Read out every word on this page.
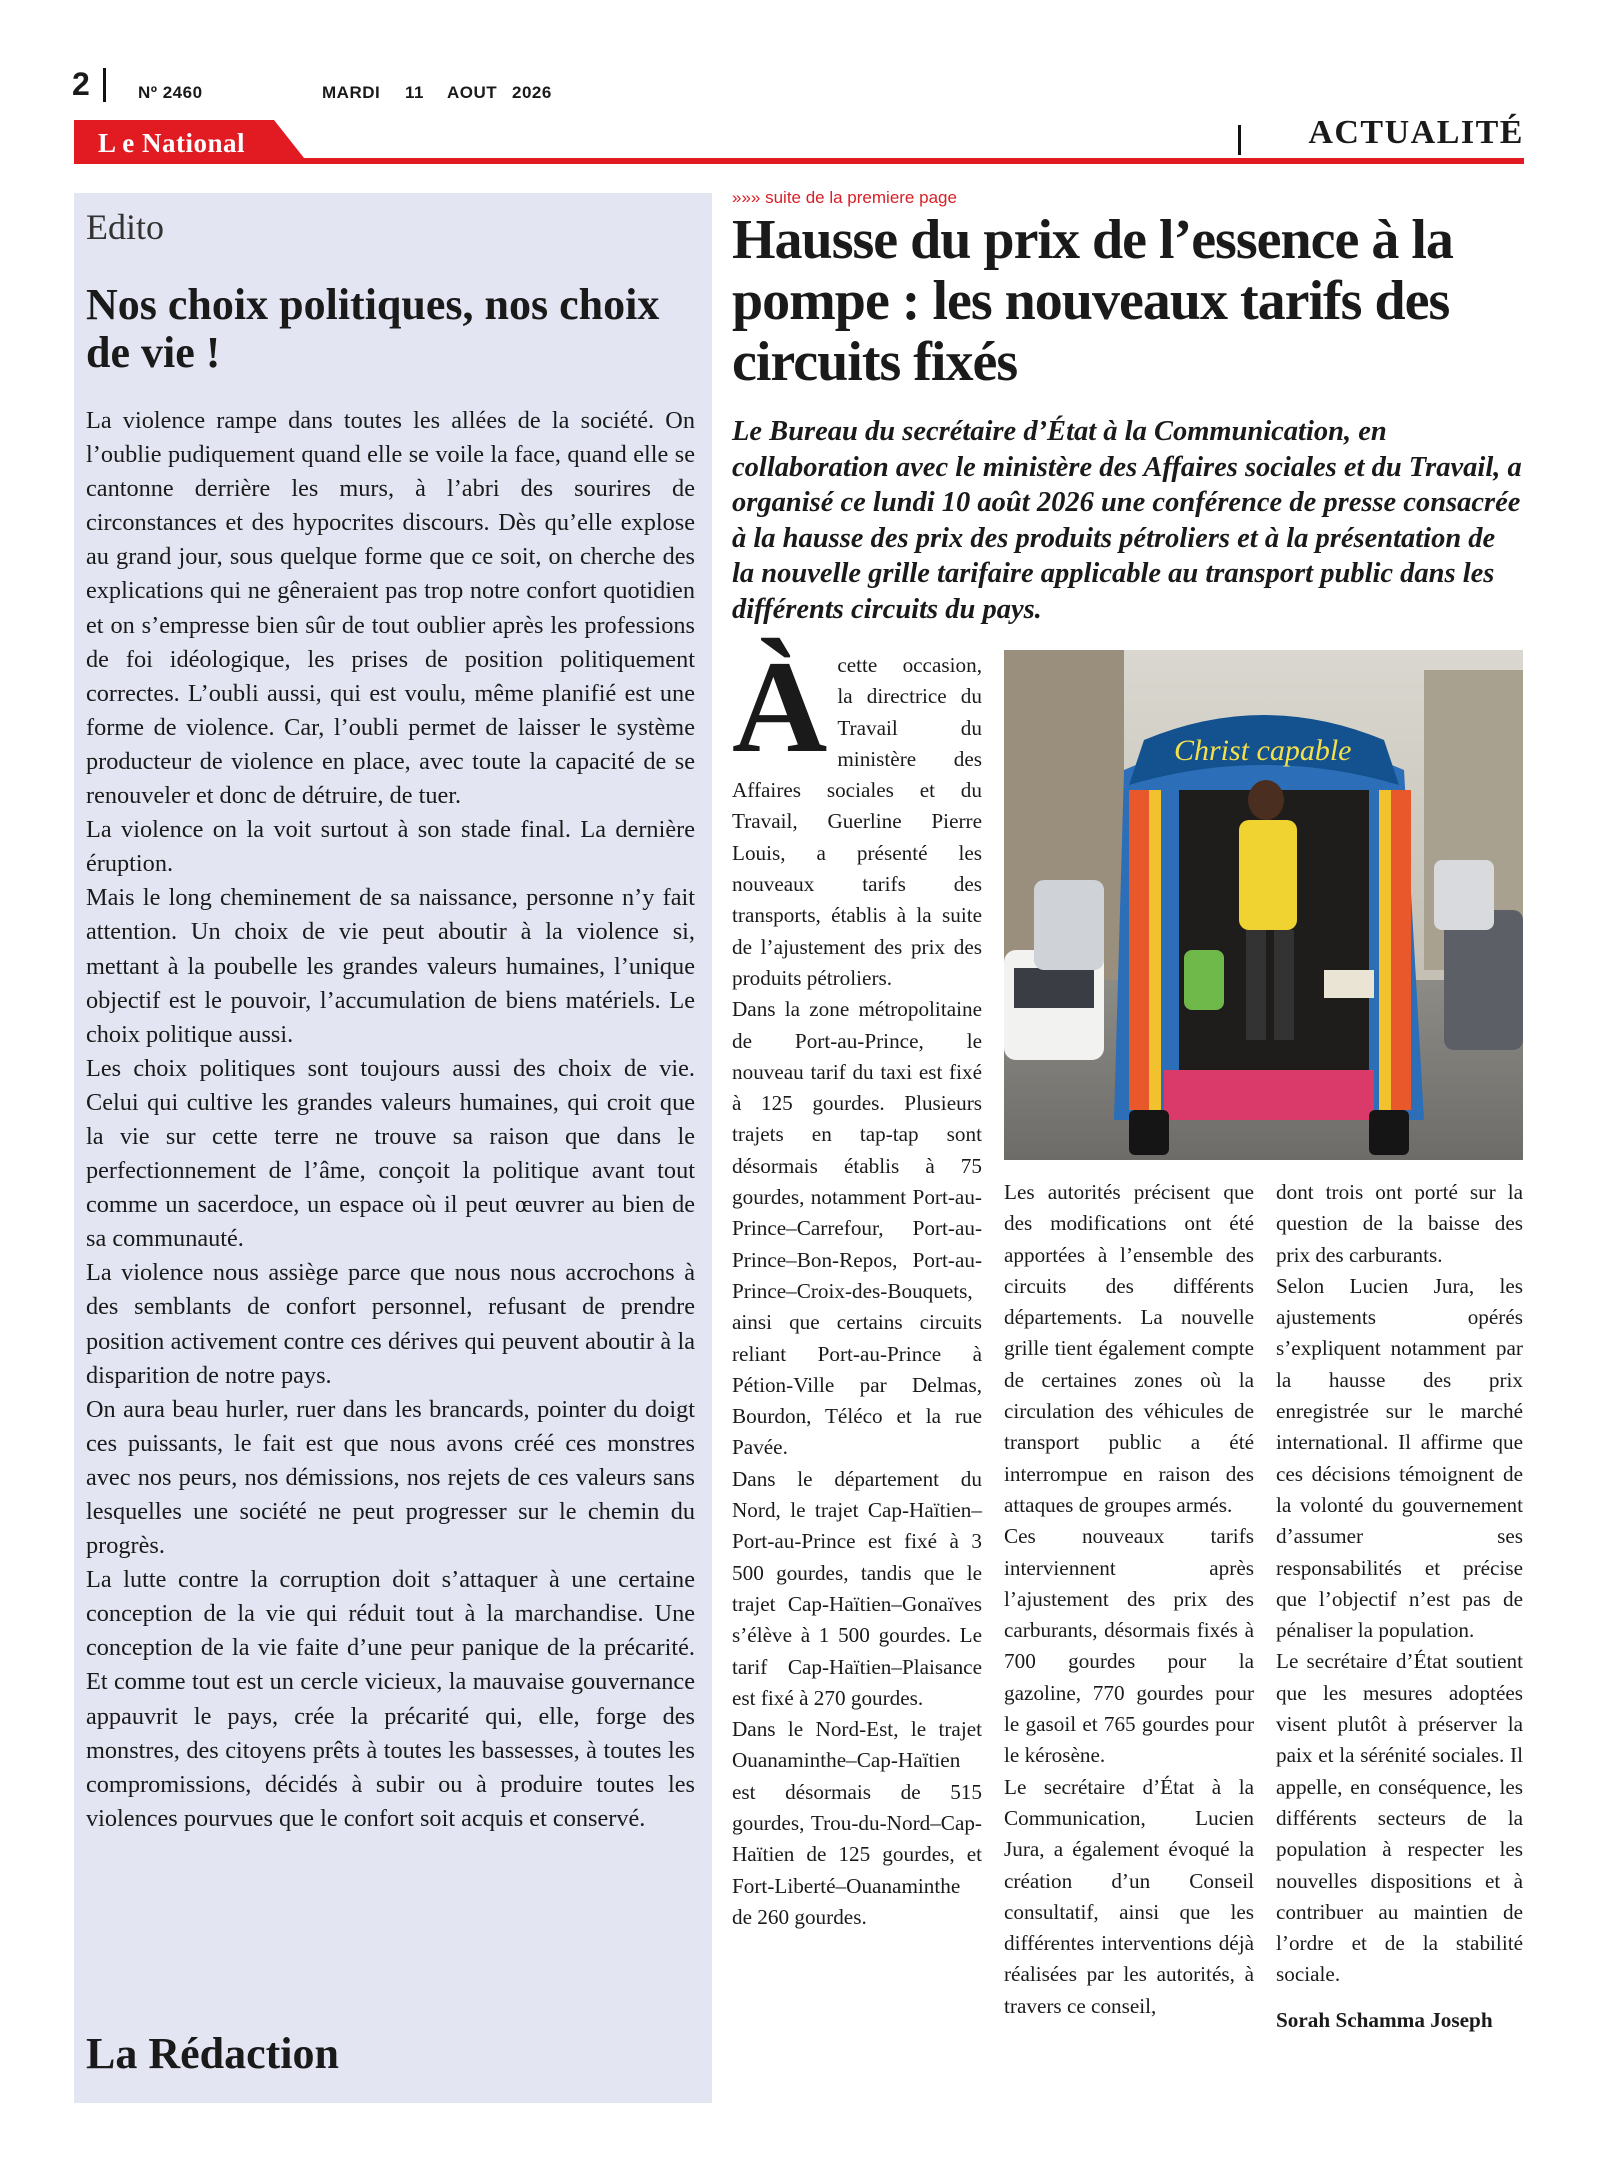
2	Nº 2460	MARDI 11 AOUT 2026
L e National	ACTUALITÉ
Edito
Nos choix politiques, nos choix de vie !

La violence rampe dans toutes les allées de la société. On l’oublie pudiquement quand elle se voile la face, quand elle se cantonne derrière les murs, à l’abri des sourires de circonstances et des hypocrites discours. Dès qu’elle explose au grand jour, sous quelque forme que ce soit, on cherche des explications qui ne gêneraient pas trop notre confort quotidien et on s’empresse bien sûr de tout oublier après les professions de foi idéologique, les prises de position politiquement correctes. L’oubli aussi, qui est voulu, même planifié est une forme de violence. Car, l’oubli permet de laisser le système producteur de violence en place, avec toute la capacité de se renouveler et donc de détruire, de tuer.

La violence on la voit surtout à son stade final. La dernière éruption.

Mais le long cheminement de sa naissance, personne n’y fait attention. Un choix de vie peut aboutir à la violence si, mettant à la poubelle les grandes valeurs humaines, l’unique objectif est le pouvoir, l’accumulation de biens matériels. Le choix politique aussi.

Les choix politiques sont toujours aussi des choix de vie. Celui qui cultive les grandes valeurs humaines, qui croit que la vie sur cette terre ne trouve sa raison que dans le perfectionnement de l’âme, conçoit la politique avant tout comme un sacerdoce, un espace où il peut œuvrer au bien de sa communauté.

La violence nous assiège parce que nous nous accrochons à des semblants de confort personnel, refusant de prendre position activement contre ces dérives qui peuvent aboutir à la disparition de notre pays.

On aura beau hurler, ruer dans les brancards, pointer du doigt ces puissants, le fait est que nous avons créé ces monstres avec nos peurs, nos démissions, nos rejets de ces valeurs sans lesquelles une société ne peut progresser sur le chemin du progrès.

La lutte contre la corruption doit s’attaquer à une certaine conception de la vie qui réduit tout à la marchandise. Une conception de la vie faite d’une peur panique de la précarité. Et comme tout est un cercle vicieux, la mauvaise gouvernance appauvrit le pays, crée la précarité qui, elle, forge des monstres, des citoyens prêts à toutes les bassesses, à toutes les compromissions, décidés à subir ou à produire toutes les violences pourvues que le confort soit acquis et conservé.

La Rédaction
»»» suite de la premiere page
Hausse du prix de l’essence à la pompe : les nouveaux tarifs des circuits fixés
Le Bureau du secrétaire d’État à la Communication, en collaboration avec le ministère des Affaires sociales et du Travail, a organisé ce lundi 10 août 2026 une conférence de presse consacrée à la hausse des prix des produits pétroliers et à la présentation de la nouvelle grille tarifaire applicable au transport public dans les différents circuits du pays.

Àcette occasion, la directrice du Travail du ministère des Affaires sociales et du Travail, Guerline Pierre Louis, a présenté les nouveaux tarifs des transports, établis à la suite de l’ajustement des prix des produits pétroliers.

Dans la zone métropolitaine de Port-au-Prince, le nouveau tarif du taxi est fixé à 125 gourdes. Plusieurs trajets en tap-tap sont désormais établis à 75 gourdes, notamment Port-au-Prince–Carrefour, Port-au-Prince–Bon-Repos, Port-au-Prince–Croix-des-Bouquets, ainsi que certains circuits reliant Port-au-Prince à Pétion-Ville par Delmas, Bourdon, Téléco et la rue Pavée.

Dans le département du Nord, le trajet Cap-Haïtien–Port-au-Prince est fixé à 3 500 gourdes, tandis que le trajet Cap-Haïtien–Gonaïves s’élève à 1 500 gourdes. Le tarif Cap-Haïtien–Plaisance est fixé à 270 gourdes.

Dans le Nord-Est, le trajet Ouanaminthe–Cap-Haïtien est désormais de 515 gourdes, Trou-du-Nord–Cap-Haïtien de 125 gourdes, et Fort-Liberté–Ouanaminthe de 260 gourdes.

Christ capable

Les autorités précisent que des modifications ont été apportées à l’ensemble des circuits des différents départements. La nouvelle grille tient également compte de certaines zones où la circulation des véhicules de transport public a été interrompue en raison des attaques de groupes armés.

Ces nouveaux tarifs interviennent après l’ajustement des prix des carburants, désormais fixés à 700 gourdes pour la gazoline, 770 gourdes pour le gasoil et 765 gourdes pour le kérosène.

Le secrétaire d’État à la Communication, Lucien Jura, a également évoqué la création d’un Conseil consultatif, ainsi que les différentes interventions déjà réalisées par les autorités, à travers ce conseil,

dont trois ont porté sur la question de la baisse des prix des carburants.

Selon Lucien Jura, les ajustements opérés s’expliquent notamment par la hausse des prix enregistrée sur le marché international. Il affirme que ces décisions témoignent de la volonté du gouvernement d’assumer ses responsabilités et précise que l’objectif n’est pas de pénaliser la population.

Le secrétaire d’État soutient que les mesures adoptées visent plutôt à préserver la paix et la sérénité sociales. Il appelle, en conséquence, les différents secteurs de la population à respecter les nouvelles dispositions et à contribuer au maintien de l’ordre et de la stabilité sociale.

Sorah Schamma Joseph
